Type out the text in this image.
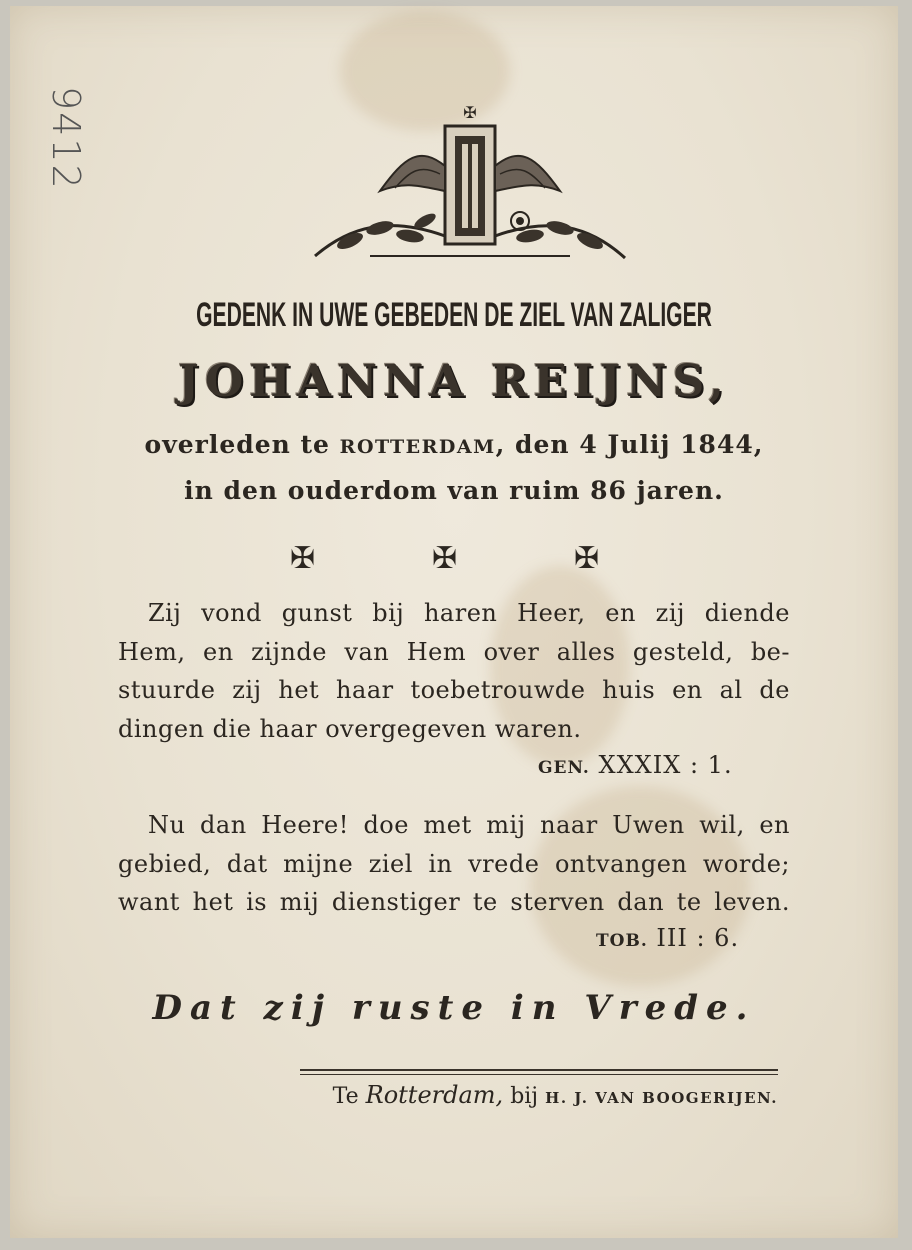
9412	✠
GEDENK IN UWE GEBEDEN DE ZIEL VAN ZALIGER
JOHANNA REIJNS,
overleden te ROTTERDAM, den 4 Julij 1844,
in den ouderdom van ruim 86 jaren.
✠	✠	✠
Zij vond gunst bij haren Heer, en zij diende
Hem, en zijnde van Hem over alles gesteld, be-
stuurde zij het haar toebetrouwde huis en al de
dingen die haar overgegeven waren.
GEN. XXXIX : 1.
Nu dan Heere! doe met mij naar Uwen wil, en
gebied, dat mijne ziel in vrede ontvangen worde;
want het is mij dienstiger te sterven dan te leven.
TOB. III : 6.
Dat zij ruste in Vrede.
Te Rotterdam, bij H. J. VAN BOOGERIJEN.
